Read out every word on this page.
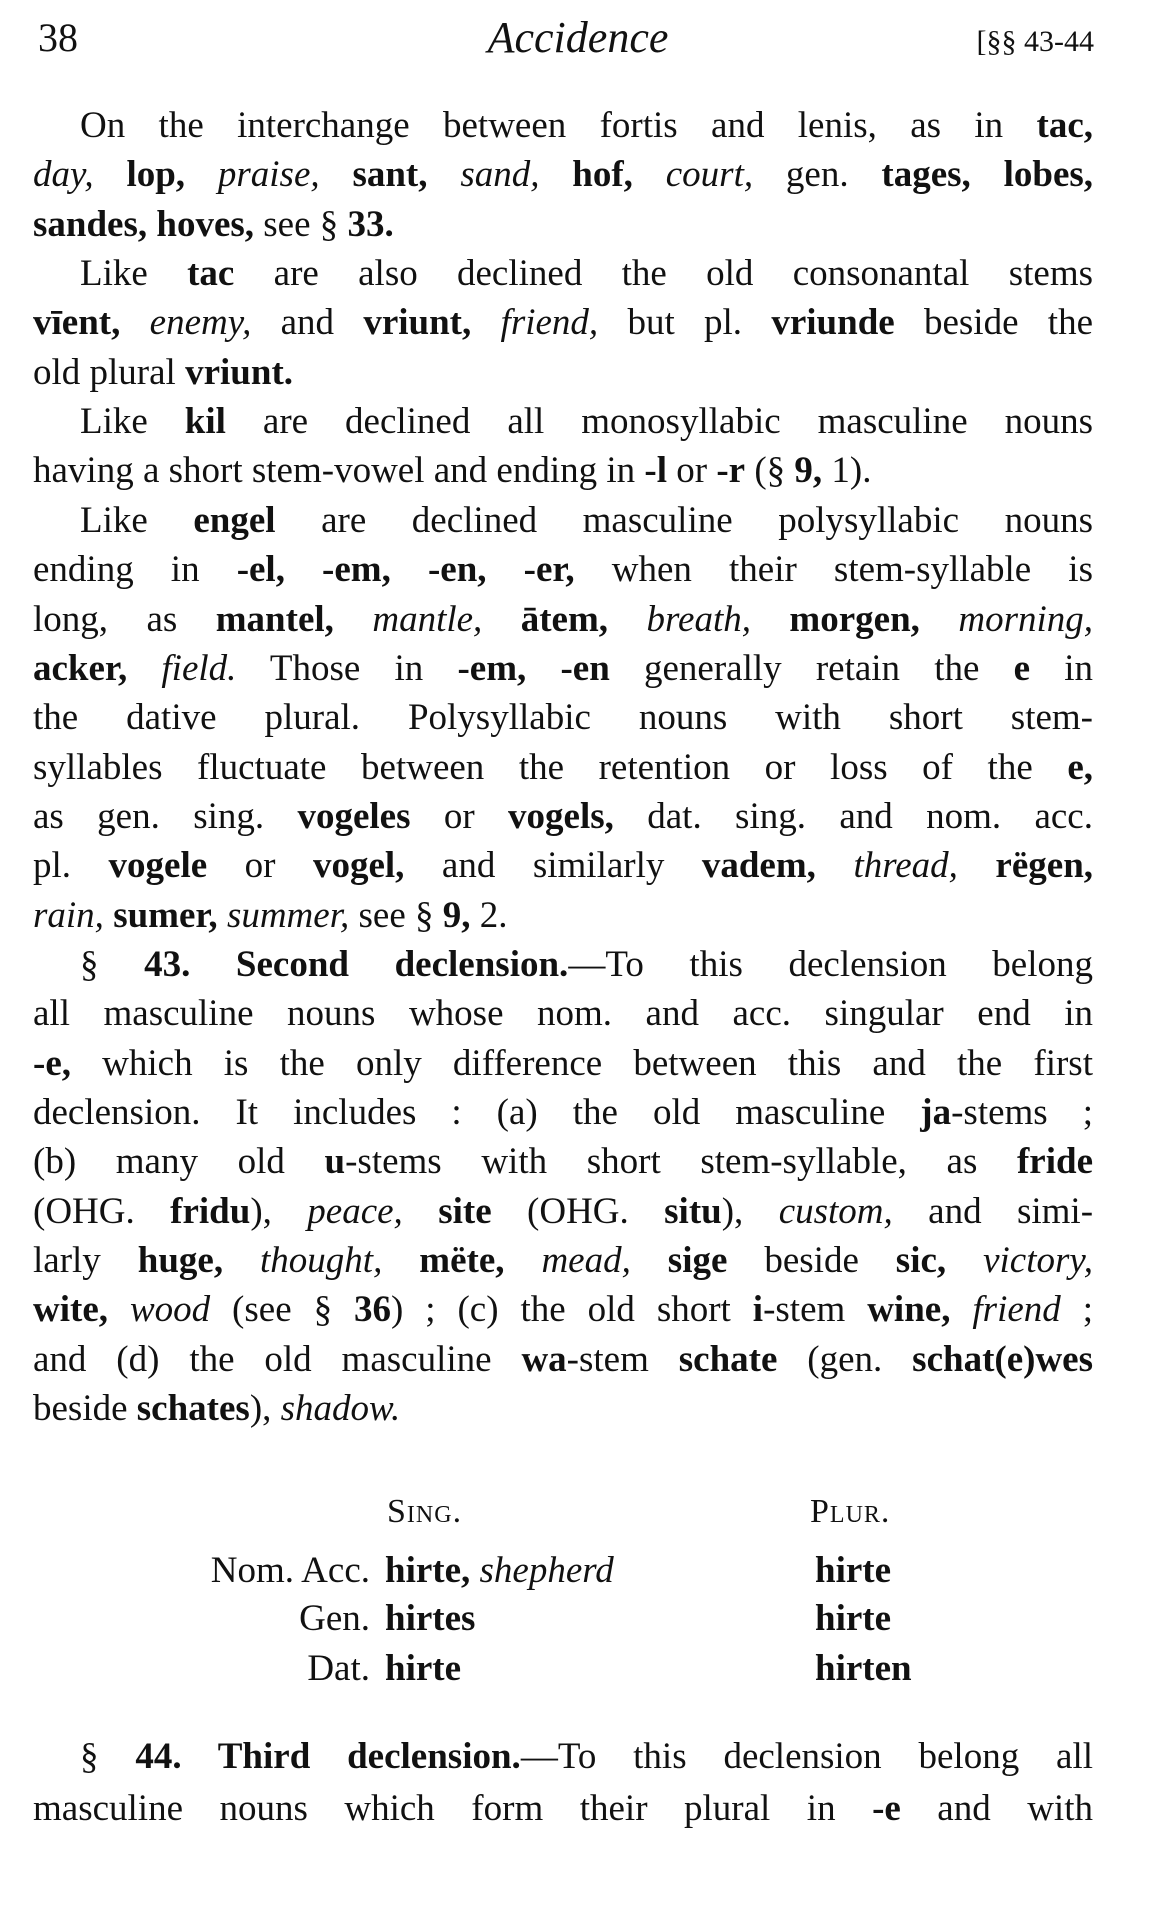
38	Accidence	[§§ 43-44
On the interchange between fortis and lenis, as in tac,
day, lop, praise, sant, sand, hof, court, gen. tages, lobes,
sandes, hoves, see § 33.
Like tac are also declined the old consonantal stems
vīent, enemy, and vriunt, friend, but pl. vriunde beside the
old plural vriunt.
Like kil are declined all monosyllabic masculine nouns
having a short stem-vowel and ending in -l or -r (§ 9, 1).
Like engel are declined masculine polysyllabic nouns
ending in -el, -em, -en, -er, when their stem-syllable is
long, as mantel, mantle, ātem, breath, morgen, morning,
acker, field. Those in -em, -en generally retain the e in
the dative plural. Polysyllabic nouns with short stem-
syllables fluctuate between the retention or loss of the e,
as gen. sing. vogeles or vogels, dat. sing. and nom. acc.
pl. vogele or vogel, and similarly vadem, thread, rëgen,
rain, sumer, summer, see § 9, 2.
§ 43. Second declension.—To this declension belong
all masculine nouns whose nom. and acc. singular end in
-e, which is the only difference between this and the first
declension. It includes : (a) the old masculine ja-stems ;
(b) many old u-stems with short stem-syllable, as fride
(OHG. fridu), peace, site (OHG. situ), custom, and simi-
larly huge, thought, mëte, mead, sige beside sic, victory,
wite, wood (see § 36) ; (c) the old short i-stem wine, friend ;
and (d) the old masculine wa-stem schate (gen. schat(e)wes
beside schates), shadow.
Sing.	Plur.
Nom. Acc. hirte, shepherd	hirte
Gen. hirtes	hirte
Dat. hirte	hirten
§ 44. Third declension.—To this declension belong all
masculine nouns which form their plural in -e and with
